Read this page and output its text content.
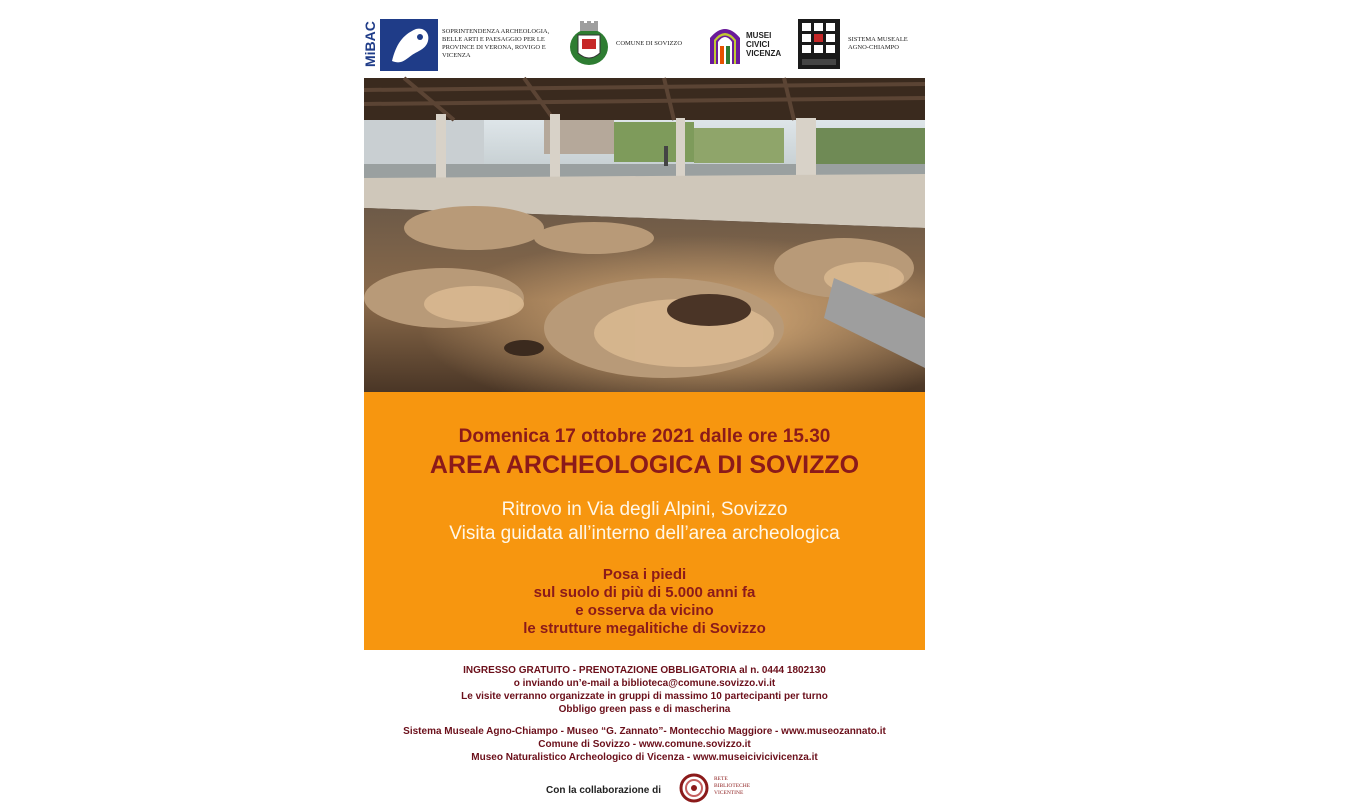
MiBAC	SOPRINTENDENZA ARCHEOLOGIA,
BELLE ARTI E PAESAGGIO PER LE
PROVINCE DI VERONA, ROVIGO E
VICENZA
COMUNE DI SOVIZZO
MUSEI
CIVICI
VICENZA
SISTEMA MUSEALE
AGNO-CHIAMPO
Domenica 17 ottobre 2021 dalle ore 15.30
AREA ARCHEOLOGICA DI SOVIZZO
Ritrovo in Via degli Alpini, Sovizzo
Visita guidata all’interno dell’area archeologica
Posa i piedi
sul suolo di più di 5.000 anni fa
e osserva da vicino
le strutture megalitiche di Sovizzo
INGRESSO GRATUITO - PRENOTAZIONE OBBLIGATORIA al n. 0444 1802130
o inviando un’e-mail a biblioteca@comune.sovizzo.vi.it
Le visite verranno organizzate in gruppi di massimo 10 partecipanti per turno
Obbligo green pass e di mascherina
Sistema Museale Agno-Chiampo - Museo “G. Zannato”- Montecchio Maggiore - www.museozannato.it
Comune di Sovizzo - www.comune.sovizzo.it
Museo Naturalistico Archeologico di Vicenza - www.museicivicivicenza.it
Con la collaborazione di
RETE
BIBLIOTECHE
VICENTINE
